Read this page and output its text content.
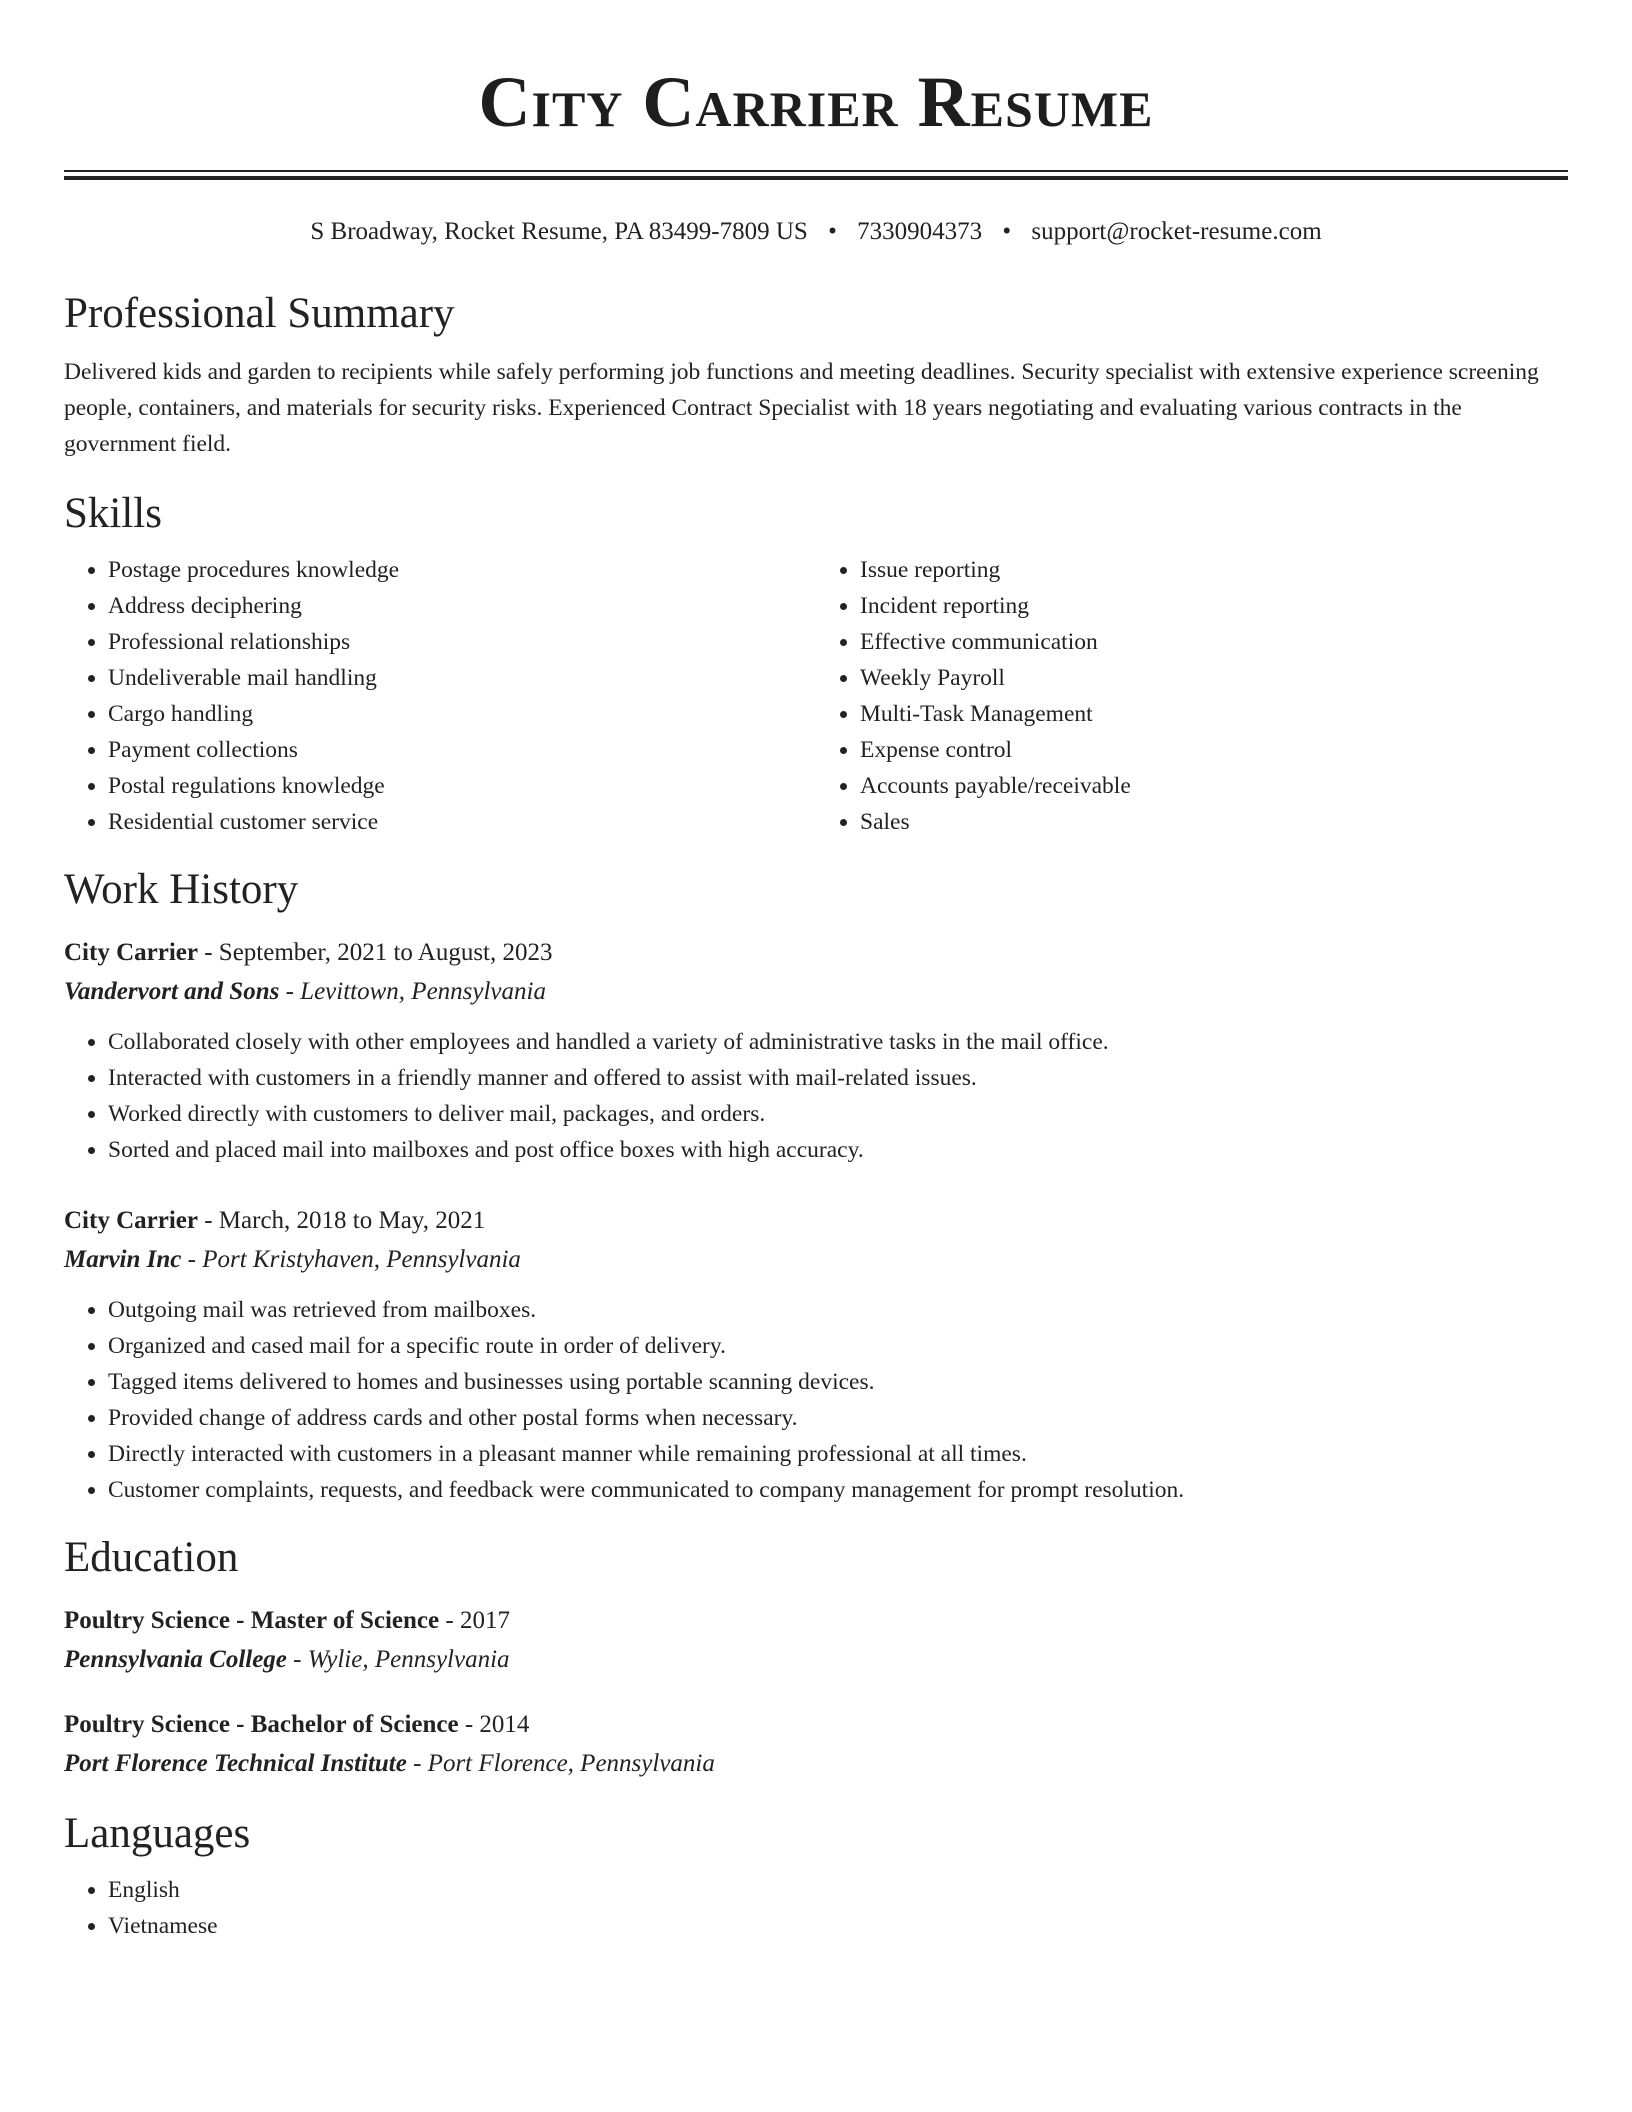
City Carrier Resume
S Broadway, Rocket Resume, PA 83499-7809 US • 7330904373 • support@rocket-resume.com
Professional Summary

Delivered kids and garden to recipients while safely performing job functions and meeting deadlines. Security specialist with extensive experience screening people, containers, and materials for security risks. Experienced Contract Specialist with 18 years negotiating and evaluating various contracts in the government field.

Skills
• Postage procedures knowledge
• Address deciphering
• Professional relationships
• Undeliverable mail handling
• Cargo handling
• Payment collections
• Postal regulations knowledge
• Residential customer service
• Issue reporting
• Incident reporting
• Effective communication
• Weekly Payroll
• Multi-Task Management
• Expense control
• Accounts payable/receivable
• Sales
Work History
City Carrier - September, 2021 to August, 2023
Vandervort and Sons - Levittown, Pennsylvania
• Collaborated closely with other employees and handled a variety of administrative tasks in the mail office.
• Interacted with customers in a friendly manner and offered to assist with mail-related issues.
• Worked directly with customers to deliver mail, packages, and orders.
• Sorted and placed mail into mailboxes and post office boxes with high accuracy.
City Carrier - March, 2018 to May, 2021
Marvin Inc - Port Kristyhaven, Pennsylvania
• Outgoing mail was retrieved from mailboxes.
• Organized and cased mail for a specific route in order of delivery.
• Tagged items delivered to homes and businesses using portable scanning devices.
• Provided change of address cards and other postal forms when necessary.
• Directly interacted with customers in a pleasant manner while remaining professional at all times.
• Customer complaints, requests, and feedback were communicated to company management for prompt resolution.
Education
Poultry Science - Master of Science - 2017
Pennsylvania College - Wylie, Pennsylvania
Poultry Science - Bachelor of Science - 2014
Port Florence Technical Institute - Port Florence, Pennsylvania
Languages
• English
• Vietnamese
